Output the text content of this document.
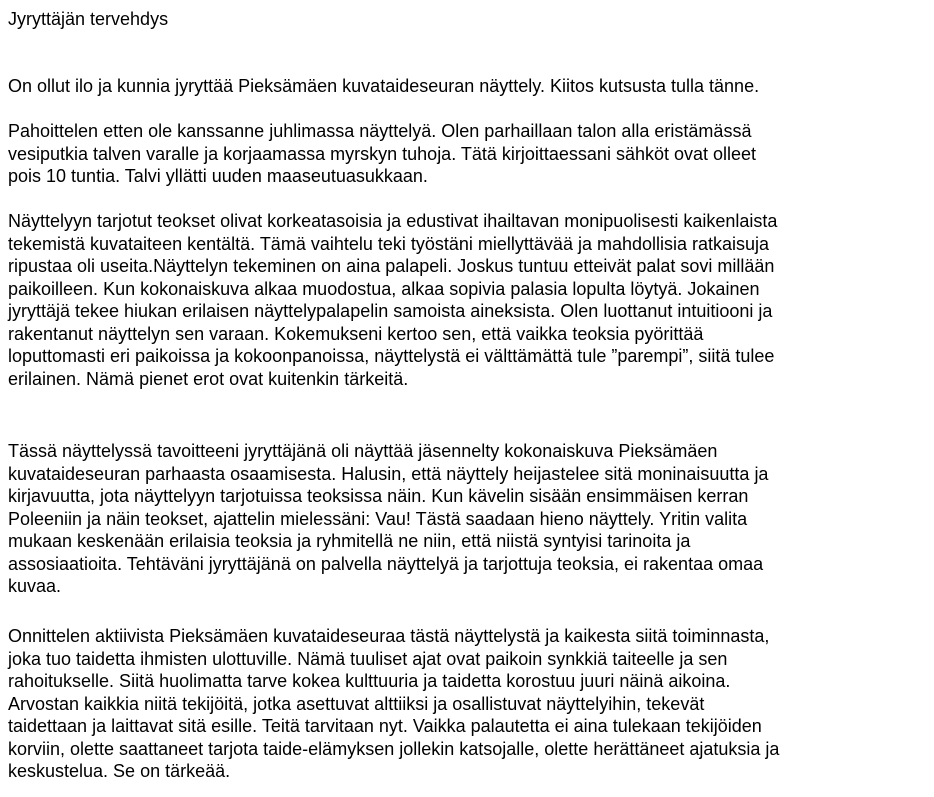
Jyryttäjän tervehdys
On ollut ilo ja kunnia jyryttää Pieksämäen kuvataideseuran näyttely. Kiitos kutsusta tulla tänne.
Pahoittelen etten ole kanssanne juhlimassa näyttelyä. Olen parhaillaan talon alla eristämässä
vesiputkia talven varalle ja korjaamassa myrskyn tuhoja. Tätä kirjoittaessani sähköt ovat olleet
pois 10 tuntia. Talvi yllätti uuden maaseutuasukkaan.
Näyttelyyn tarjotut teokset olivat korkeatasoisia ja edustivat ihailtavan monipuolisesti kaikenlaista
tekemistä kuvataiteen kentältä. Tämä vaihtelu teki työstäni miellyttävää ja mahdollisia ratkaisuja
ripustaa oli useita.Näyttelyn tekeminen on aina palapeli. Joskus tuntuu etteivät palat sovi millään
paikoilleen. Kun kokonaiskuva alkaa muodostua, alkaa sopivia palasia lopulta löytyä. Jokainen
jyryttäjä tekee hiukan erilaisen näyttelypalapelin samoista aineksista. Olen luottanut intuitiooni ja
rakentanut näyttelyn sen varaan. Kokemukseni kertoo sen, että vaikka teoksia pyörittää
loputtomasti eri paikoissa ja kokoonpanoissa, näyttelystä ei välttämättä tule ”parempi”, siitä tulee
erilainen. Nämä pienet erot ovat kuitenkin tärkeitä.
Tässä näyttelyssä tavoitteeni jyryttäjänä oli näyttää jäsennelty kokonaiskuva Pieksämäen
kuvataideseuran parhaasta osaamisesta. Halusin, että näyttely heijastelee sitä moninaisuutta ja
kirjavuutta, jota näyttelyyn tarjotuissa teoksissa näin. Kun kävelin sisään ensimmäisen kerran
Poleeniin ja näin teokset, ajattelin mielessäni: Vau! Tästä saadaan hieno näyttely. Yritin valita
mukaan keskenään erilaisia teoksia ja ryhmitellä ne niin, että niistä syntyisi tarinoita ja
assosiaatioita. Tehtäväni jyryttäjänä on palvella näyttelyä ja tarjottuja teoksia, ei rakentaa omaa
kuvaa.
Onnittelen aktiivista Pieksämäen kuvataideseuraa tästä näyttelystä ja kaikesta siitä toiminnasta,
joka tuo taidetta ihmisten ulottuville. Nämä tuuliset ajat ovat paikoin synkkiä taiteelle ja sen
rahoitukselle. Siitä huolimatta tarve kokea kulttuuria ja taidetta korostuu juuri näinä aikoina.
Arvostan kaikkia niitä tekijöitä, jotka asettuvat alttiiksi ja osallistuvat näyttelyihin, tekevät
taidettaan ja laittavat sitä esille. Teitä tarvitaan nyt. Vaikka palautetta ei aina tulekaan tekijöiden
korviin, olette saattaneet tarjota taide-elämyksen jollekin katsojalle, olette herättäneet ajatuksia ja
keskustelua. Se on tärkeää.
